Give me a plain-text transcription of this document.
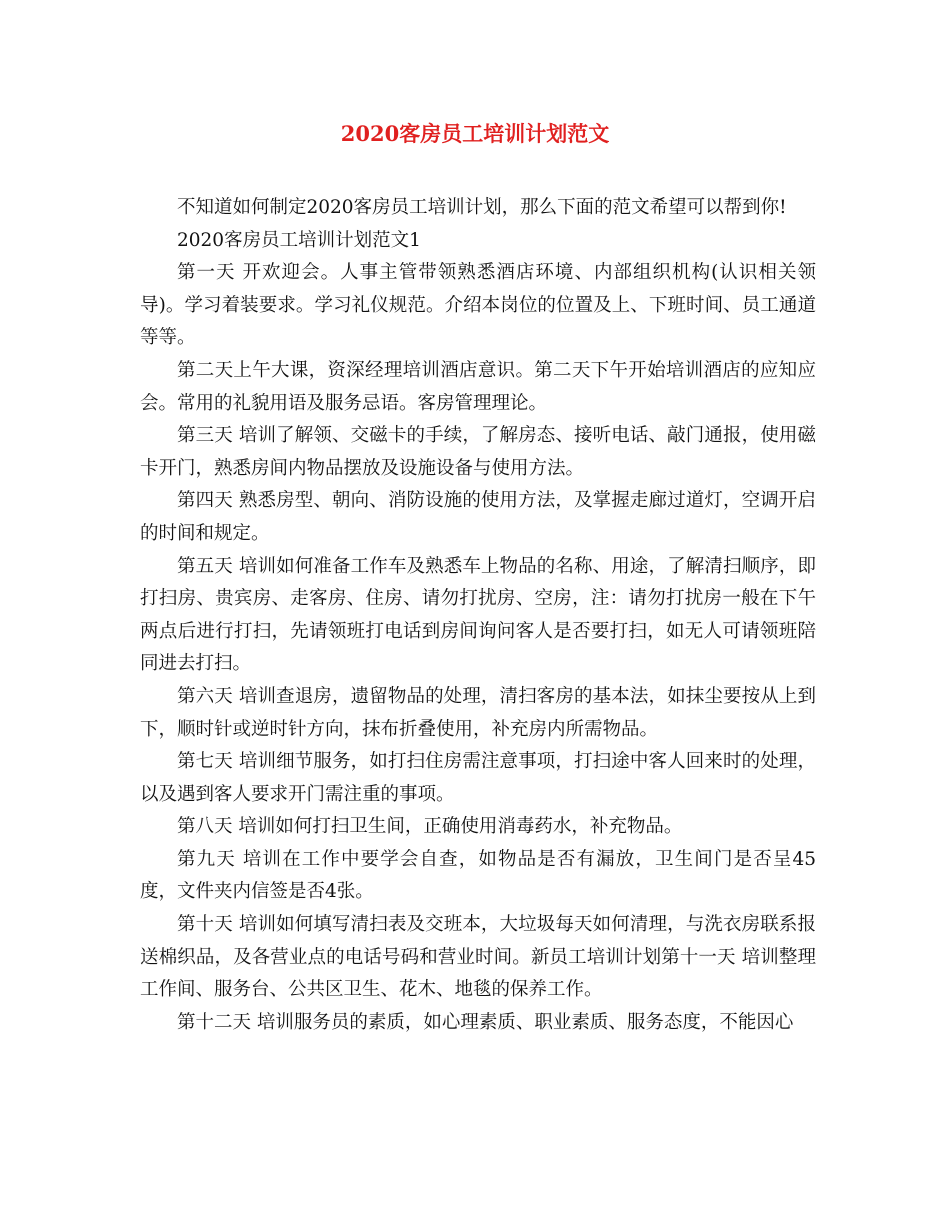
2020客房员工培训计划范文

不知道如何制定2020客房员工培训计划，那么下面的范文希望可以帮到你!

2020客房员工培训计划范文1

第一天 开欢迎会。人事主管带领熟悉酒店环境、内部组织机构(认识相关领导)。学习着装要求。学习礼仪规范。介绍本岗位的位置及上、下班时间、员工通道等等。

第二天上午大课，资深经理培训酒店意识。第二天下午开始培训酒店的应知应会。常用的礼貌用语及服务忌语。客房管理理论。

第三天 培训了解领、交磁卡的手续，了解房态、接听电话、敲门通报，使用磁卡开门，熟悉房间内物品摆放及设施设备与使用方法。

第四天 熟悉房型、朝向、消防设施的使用方法，及掌握走廊过道灯，空调开启的时间和规定。

第五天 培训如何准备工作车及熟悉车上物品的名称、用途，了解清扫顺序，即打扫房、贵宾房、走客房、住房、请勿打扰房、空房，注：请勿打扰房一般在下午两点后进行打扫，先请领班打电话到房间询问客人是否要打扫，如无人可请领班陪同进去打扫。

第六天 培训查退房，遗留物品的处理，清扫客房的基本法，如抹尘要按从上到下，顺时针或逆时针方向，抹布折叠使用，补充房内所需物品。

第七天 培训细节服务，如打扫住房需注意事项，打扫途中客人回来时的处理，以及遇到客人要求开门需注重的事项。

第八天 培训如何打扫卫生间，正确使用消毒药水，补充物品。

第九天 培训在工作中要学会自查，如物品是否有漏放，卫生间门是否呈45度，文件夹内信签是否4张。

第十天 培训如何填写清扫表及交班本，大垃圾每天如何清理，与洗衣房联系报送棉织品，及各营业点的电话号码和营业时间。新员工培训计划第十一天 培训整理工作间、服务台、公共区卫生、花木、地毯的保养工作。

第十二天 培训服务员的素质，如心理素质、职业素质、服务态度，不能因心
